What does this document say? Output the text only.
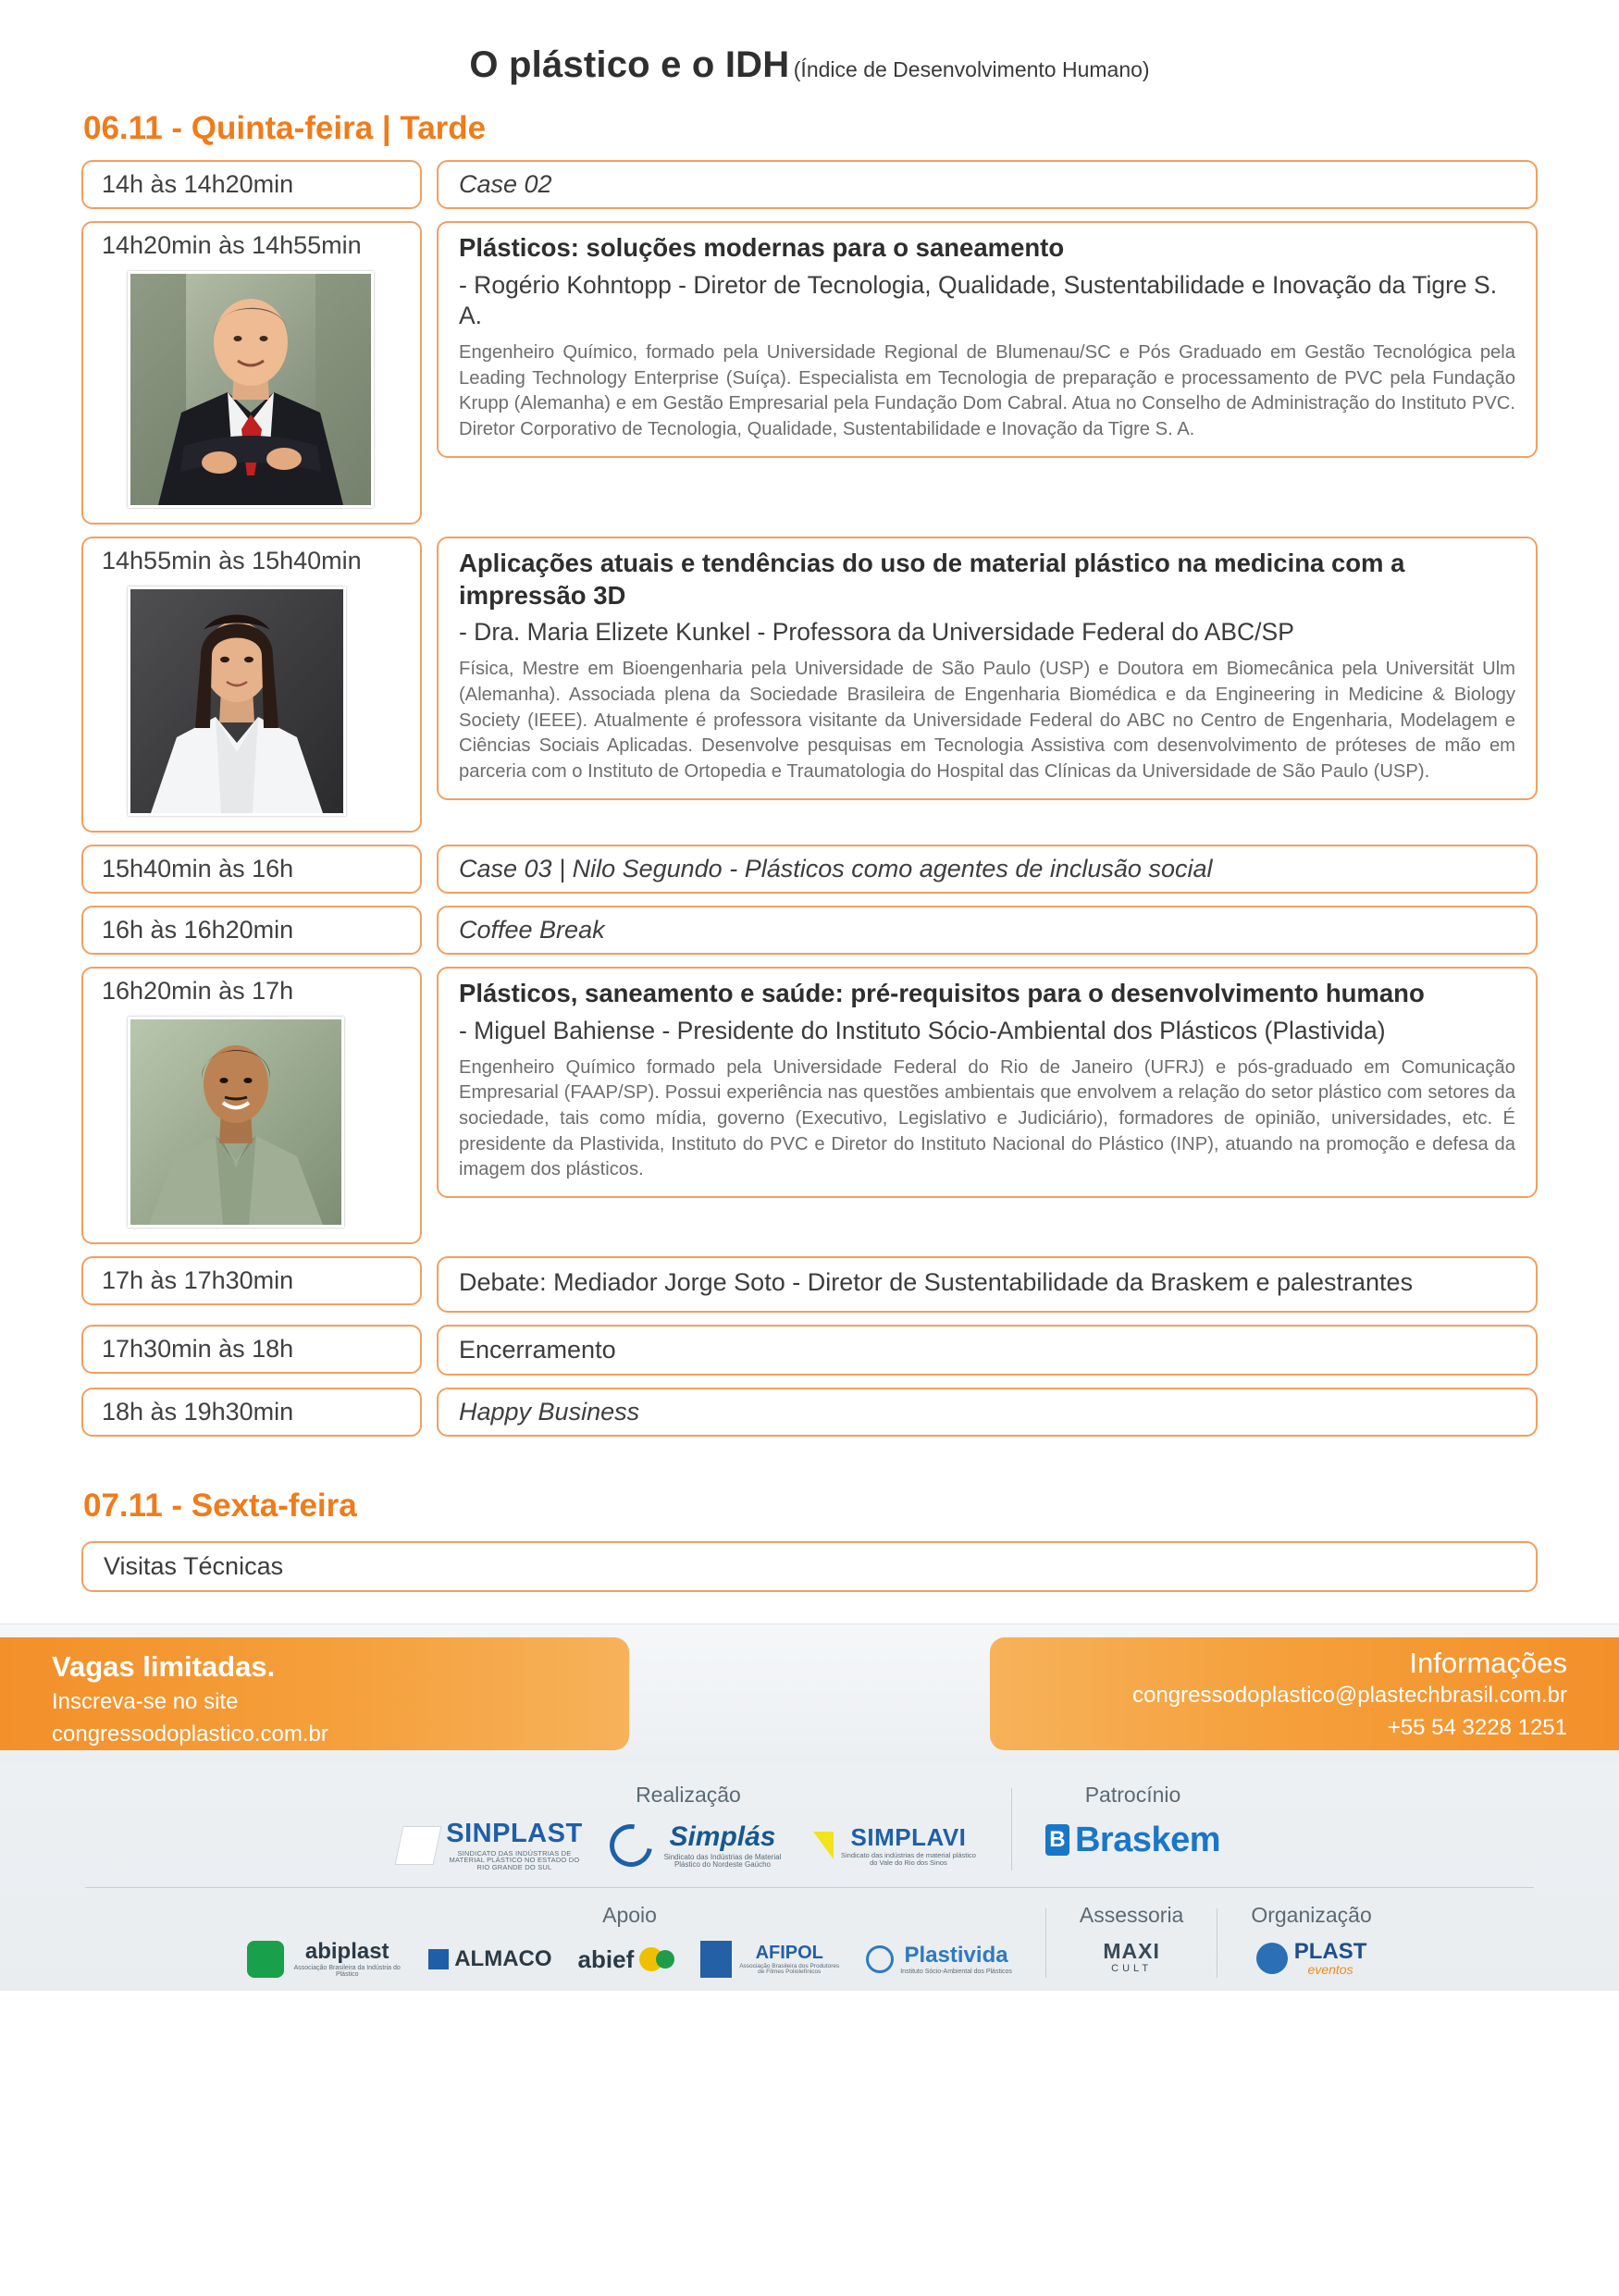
O plástico e o IDH (Índice de Desenvolvimento Humano)
06.11 - Quinta-feira | Tarde
14h às 14h20min	Case 02
14h20min às 14h55min	Plásticos: soluções modernas para o saneamento
- Rogério Kohntopp - Diretor de Tecnologia, Qualidade, Sustentabilidade e Inovação da Tigre S. A.
Engenheiro Químico, formado pela Universidade Regional de Blumenau/SC e Pós Graduado em Gestão Tecnológica pela Leading Technology Enterprise (Suíça). Especialista em Tecnologia de preparação e processamento de PVC pela Fundação Krupp (Alemanha) e em Gestão Empresarial pela Fundação Dom Cabral. Atua no Conselho de Administração do Instituto PVC. Diretor Corporativo de Tecnologia, Qualidade, Sustentabilidade e Inovação da Tigre S. A.
14h55min às 15h40min	Aplicações atuais e tendências do uso de material plástico na medicina com a impressão 3D
- Dra. Maria Elizete Kunkel - Professora da Universidade Federal do ABC/SP
Física, Mestre em Bioengenharia pela Universidade de São Paulo (USP) e Doutora em Biomecânica pela Universität Ulm (Alemanha). Associada plena da Sociedade Brasileira de Engenharia Biomédica e da Engineering in Medicine & Biology Society (IEEE). Atualmente é professora visitante da Universidade Federal do ABC no Centro de Engenharia, Modelagem e Ciências Sociais Aplicadas. Desenvolve pesquisas em Tecnologia Assistiva com desenvolvimento de próteses de mão em parceria com o Instituto de Ortopedia e Traumatologia do Hospital das Clínicas da Universidade de São Paulo (USP).
15h40min às 16h	Case 03 | Nilo Segundo - Plásticos como agentes de inclusão social
16h às 16h20min	Coffee Break
16h20min às 17h	Plásticos, saneamento e saúde: pré-requisitos para o desenvolvimento humano
- Miguel Bahiense - Presidente do Instituto Sócio-Ambiental dos Plásticos (Plastivida)
Engenheiro Químico formado pela Universidade Federal do Rio de Janeiro (UFRJ) e pós-graduado em Comunicação Empresarial (FAAP/SP). Possui experiência nas questões ambientais que envolvem a relação do setor plástico com setores da sociedade, tais como mídia, governo (Executivo, Legislativo e Judiciário), formadores de opinião, universidades, etc. É presidente da Plastivida, Instituto do PVC e Diretor do Instituto Nacional do Plástico (INP), atuando na promoção e defesa da imagem dos plásticos.
17h às 17h30min	Debate: Mediador Jorge Soto - Diretor de Sustentabilidade da Braskem e palestrantes
17h30min às 18h	Encerramento
18h às 19h30min	Happy Business
07.11 - Sexta-feira
Visitas Técnicas
Vagas limitadas.
Inscreva-se no site
congressodoplastico.com.br
Informações
congressodoplastico@plastechbrasil.com.br
+55 54 3228 1251
Realização
SINPLAST
SINDICATO DAS INDÚSTRIAS DE MATERIAL PLÁSTICO NO ESTADO DO RIO GRANDE DO SUL
Simplás
Sindicato das Indústrias de Material Plástico do Nordeste Gaúcho
SIMPLAVI
Sindicato das indústrias de material plástico do Vale do Rio dos Sinos
Patrocínio
B Braskem
Apoio
abiplast
Associação Brasileira da Indústria do Plástico
ALMACO abief	AFIPOL
Associação Brasileira dos Produtores de Filmes Poliolefínicos
Plastivida
Instituto Sócio-Ambiental dos Plásticos
Assessoria
MAXI
CULT
Organização
PLAST
eventos
